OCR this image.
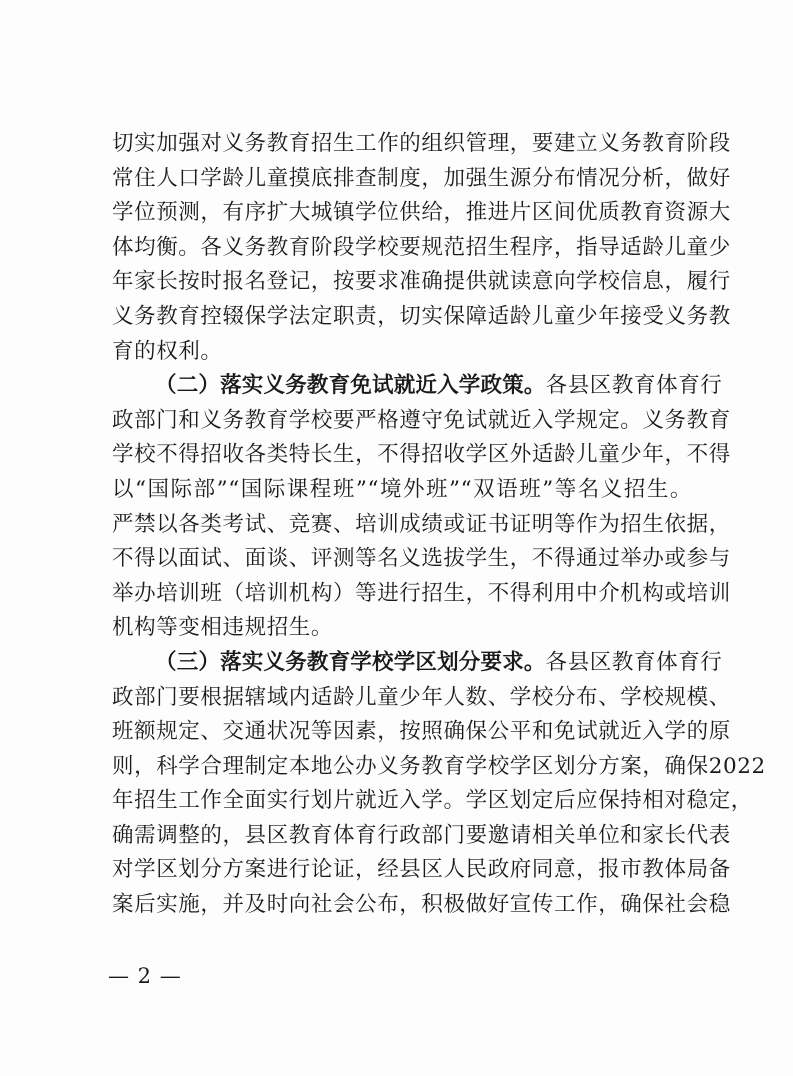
切实加强对义务教育招生工作的组织管理，要建立义务教育阶段
常住人口学龄儿童摸底排查制度，加强生源分布情况分析，做好
学位预测，有序扩大城镇学位供给，推进片区间优质教育资源大
体均衡。各义务教育阶段学校要规范招生程序，指导适龄儿童少
年家长按时报名登记，按要求准确提供就读意向学校信息，履行
义务教育控辍保学法定职责，切实保障适龄儿童少年接受义务教
育的权利。
（二）落实义务教育免试就近入学政策。各县区教育体育行
政部门和义务教育学校要严格遵守免试就近入学规定。义务教育
学校不得招收各类特长生，不得招收学区外适龄儿童少年，不得
以“国际部”“国际课程班”“境外班”“双语班”等名义招生。
严禁以各类考试、竞赛、培训成绩或证书证明等作为招生依据，
不得以面试、面谈、评测等名义选拔学生，不得通过举办或参与
举办培训班（培训机构）等进行招生，不得利用中介机构或培训
机构等变相违规招生。
（三）落实义务教育学校学区划分要求。各县区教育体育行
政部门要根据辖域内适龄儿童少年人数、学校分布、学校规模、
班额规定、交通状况等因素，按照确保公平和免试就近入学的原
则，科学合理制定本地公办义务教育学校学区划分方案，确保2022
年招生工作全面实行划片就近入学。学区划定后应保持相对稳定，
确需调整的，县区教育体育行政部门要邀请相关单位和家长代表
对学区划分方案进行论证，经县区人民政府同意，报市教体局备
案后实施，并及时向社会公布，积极做好宣传工作，确保社会稳
— 2 —
